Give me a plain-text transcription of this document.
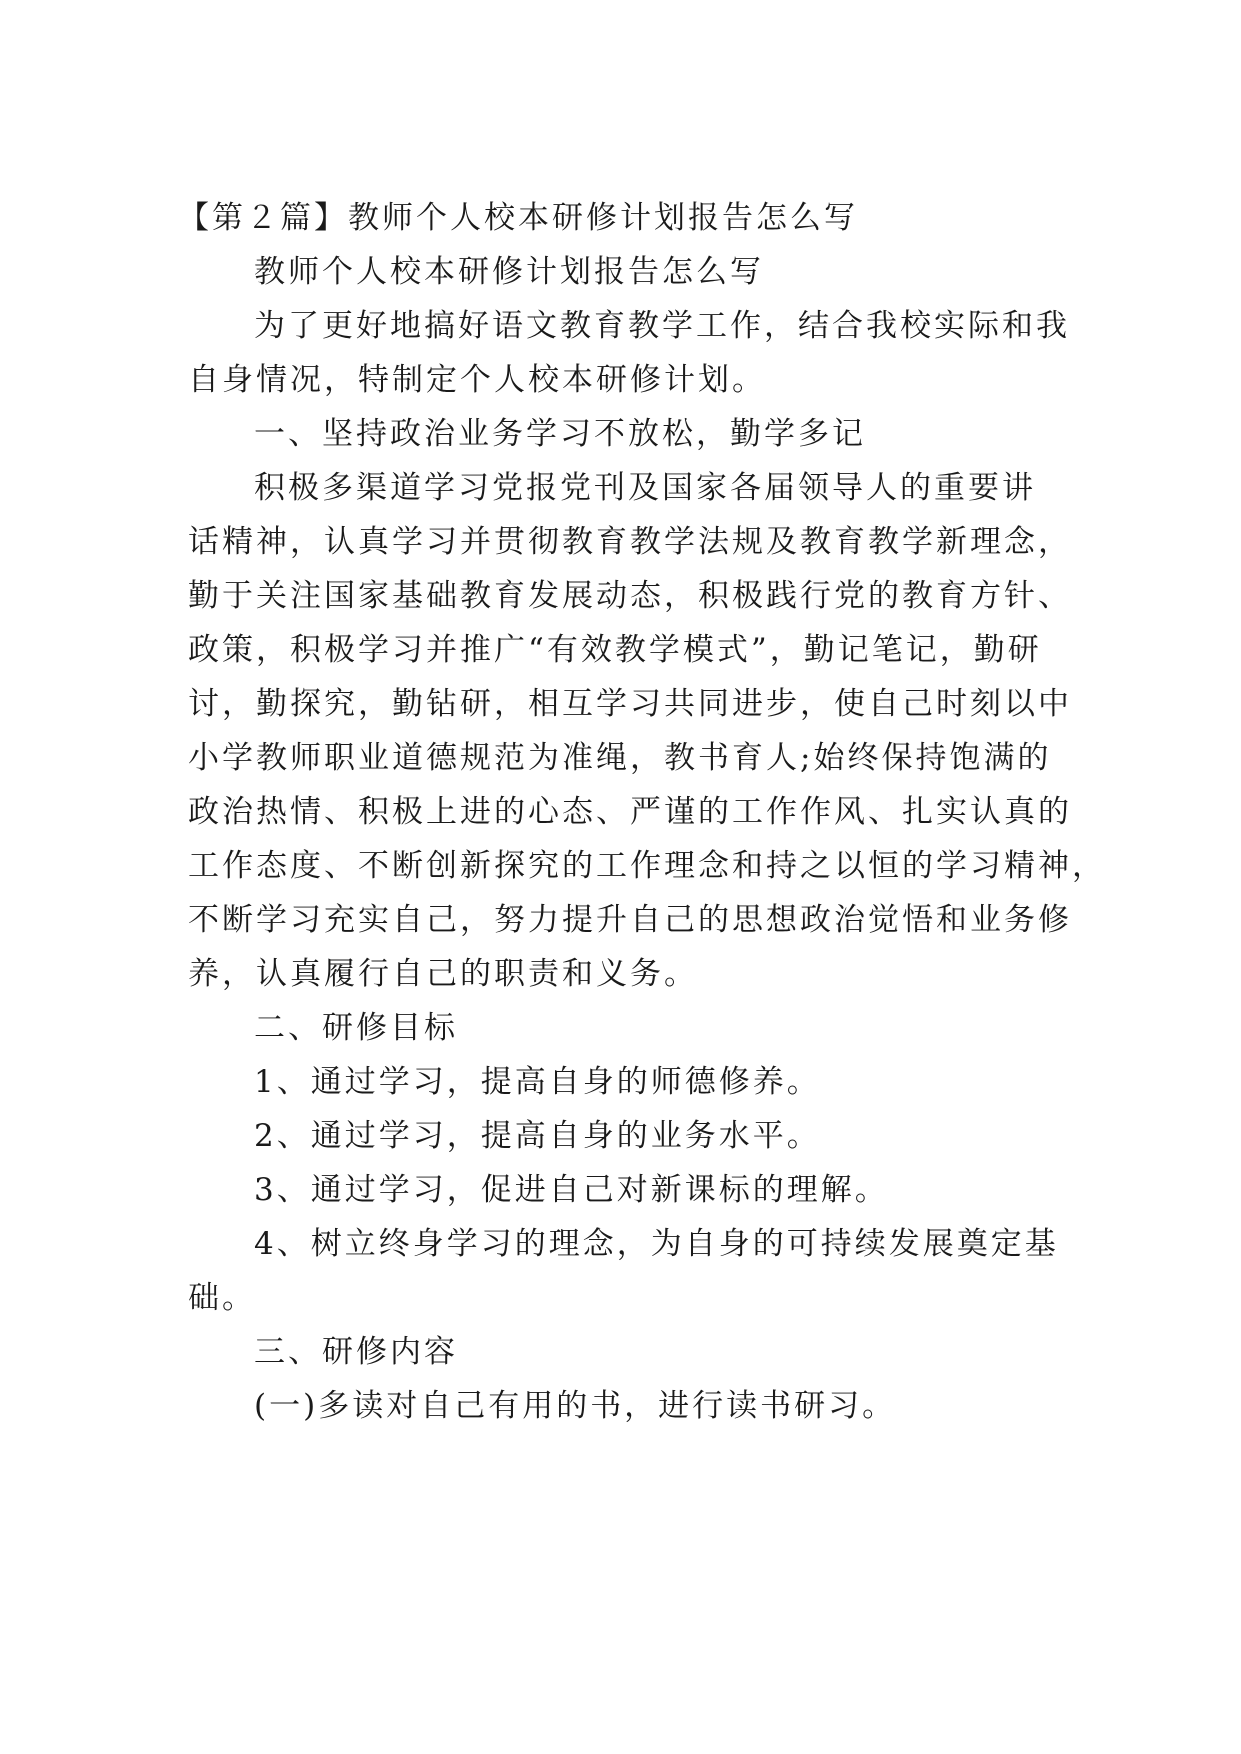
【第２篇】教师个人校本研修计划报告怎么写
教师个人校本研修计划报告怎么写
为了更好地搞好语文教育教学工作，结合我校实际和我
自身情况，特制定个人校本研修计划。
一、坚持政治业务学习不放松，勤学多记
积极多渠道学习党报党刊及国家各届领导人的重要讲
话精神，认真学习并贯彻教育教学法规及教育教学新理念，
勤于关注国家基础教育发展动态，积极践行党的教育方针、
政策，积极学习并推广“有效教学模式”，勤记笔记，勤研
讨，勤探究，勤钻研，相互学习共同进步，使自己时刻以中
小学教师职业道德规范为准绳，教书育人;始终保持饱满的
政治热情、积极上进的心态、严谨的工作作风、扎实认真的
工作态度、不断创新探究的工作理念和持之以恒的学习精神，
不断学习充实自己，努力提升自己的思想政治觉悟和业务修
养，认真履行自己的职责和义务。
二、研修目标
1、通过学习，提高自身的师德修养。
2、通过学习，提高自身的业务水平。
3、通过学习，促进自己对新课标的理解。
4、树立终身学习的理念，为自身的可持续发展奠定基
础。
三、研修内容
(一)多读对自己有用的书，进行读书研习。
